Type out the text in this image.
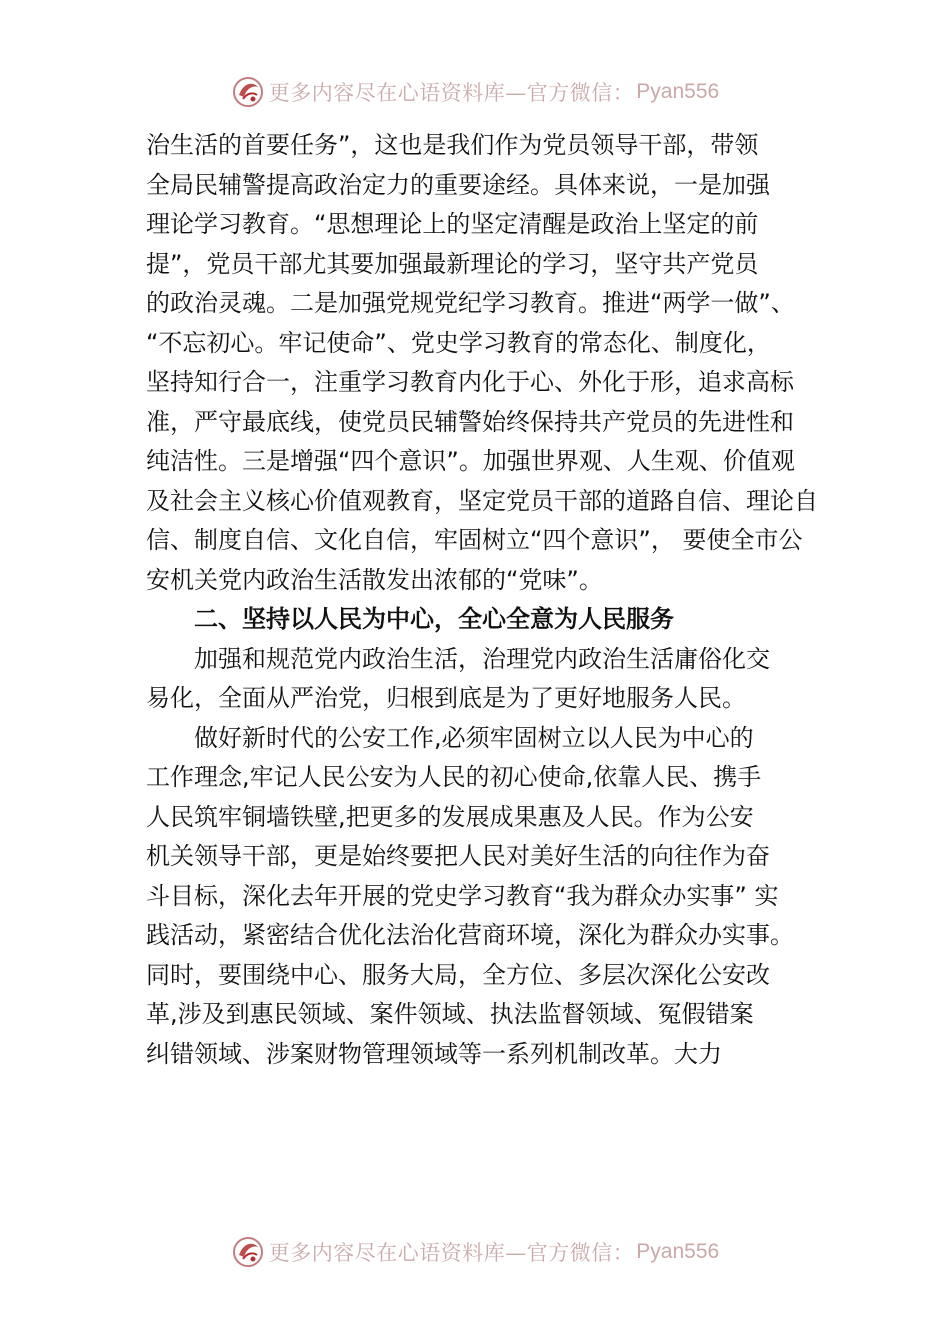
更多内容尽在心语资料库—官方微信： Pyan556

治生活的首要任务”，这也是我们作为党员领导干部，带领
全局民辅警提高政治定力的重要途经。具体来说，一是加强
理论学习教育。“思想理论上的坚定清醒是政治上坚定的前
提”，党员干部尤其要加强最新理论的学习，坚守共产党员
的政治灵魂。二是加强党规党纪学习教育。推进“两学一做”、
“不忘初心。牢记使命”、党史学习教育的常态化、制度化，
坚持知行合一，注重学习教育内化于心、外化于形，追求高标
准，严守最底线，使党员民辅警始终保持共产党员的先进性和
纯洁性。三是增强“四个意识”。加强世界观、人生观、价值观
及社会主义核心价值观教育，坚定党员干部的道路自信、理论自
信、制度自信、文化自信，牢固树立“四个意识”， 要使全市公
安机关党内政治生活散发出浓郁的“党味”。

二、坚持以人民为中心，全心全意为人民服务

加强和规范党内政治生活，治理党内政治生活庸俗化交
易化，全面从严治党，归根到底是为了更好地服务人民。

做好新时代的公安工作,必须牢固树立以人民为中心的
工作理念,牢记人民公安为人民的初心使命,依靠人民、携手
人民筑牢铜墙铁壁,把更多的发展成果惠及人民。作为公安
机关领导干部，更是始终要把人民对美好生活的向往作为奋
斗目标，深化去年开展的党史学习教育“我为群众办实事” 实
践活动，紧密结合优化法治化营商环境，深化为群众办实事。
同时，要围绕中心、服务大局，全方位、多层次深化公安改
革,涉及到惠民领域、案件领域、执法监督领域、冤假错案
纠错领域、涉案财物管理领域等一系列机制改革。大力

更多内容尽在心语资料库—官方微信： Pyan556
